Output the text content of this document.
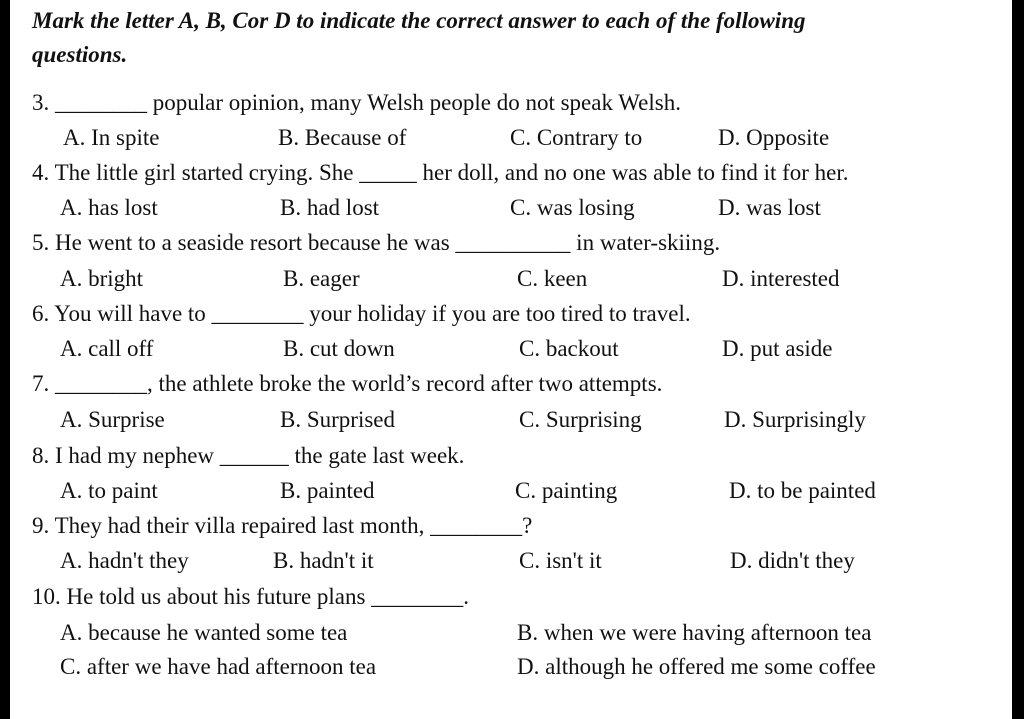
Mark the letter A, B, Cor D to indicate the correct answer to each of the following
questions.
3. ________ popular opinion, many Welsh people do not speak Welsh.
A. In spite	B. Because of	C. Contrary to	D. Opposite
4. The little girl started crying. She _____ her doll, and no one was able to find it for her.
A. has lost	B. had lost	C. was losing	D. was lost
5. He went to a seaside resort because he was __________ in water-skiing.
A. bright	B. eager	C. keen	D. interested
6. You will have to ________ your holiday if you are too tired to travel.
A. call off	B. cut down	C. backout	D. put aside
7. ________, the athlete broke the world’s record after two attempts.
A. Surprise	B. Surprised	C. Surprising	D. Surprisingly
8. I had my nephew ______ the gate last week.
A. to paint	B. painted	C. painting	D. to be painted
9. They had their villa repaired last month, ________?
A. hadn't they	B. hadn't it	C. isn't it	D. didn't they
10. He told us about his future plans ________.
A. because he wanted some tea	B. when we were having afternoon tea
C. after we have had afternoon tea	D. although he offered me some coffee
